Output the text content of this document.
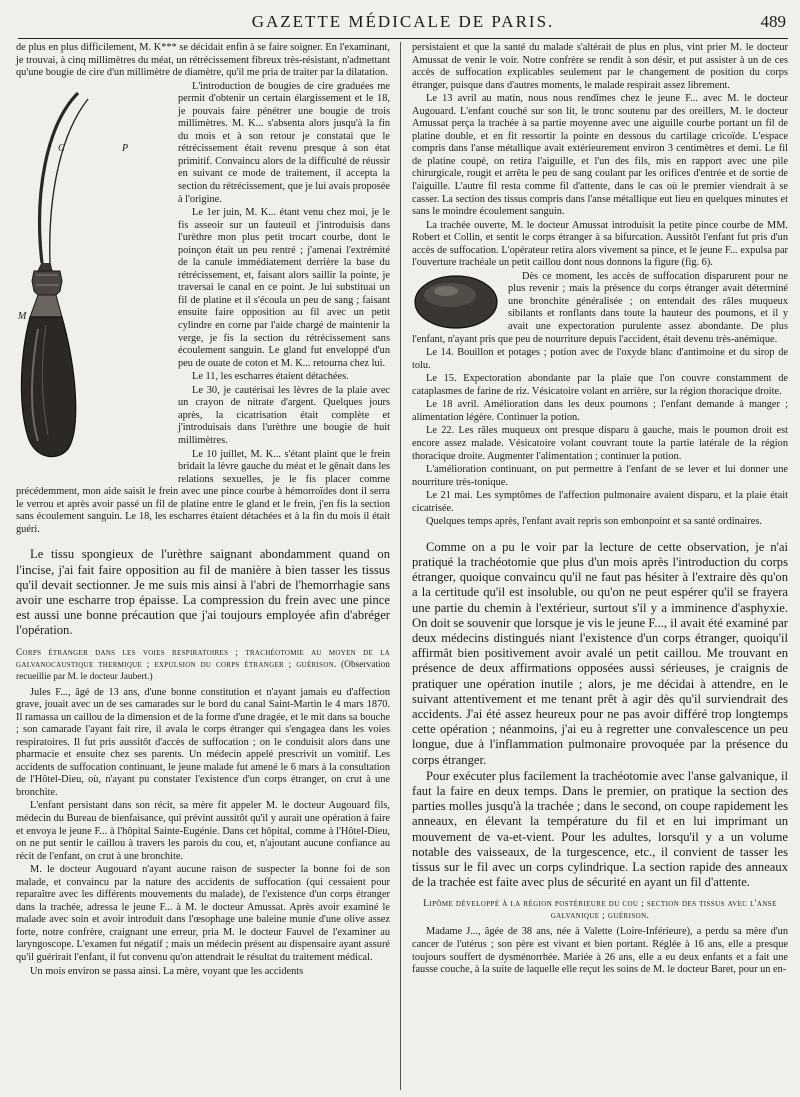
GAZETTE MÉDICALE DE PARIS.	489

de plus en plus difficilement, M. K*** se décidait enfin à se faire soigner. En l'examinant, je trouvai, à cinq millimètres du méat, un rétrécissement fibreux très-résistant, n'admettant qu'une bougie de cire d'un millimètre de diamètre, qu'il me pria de traiter par la dilatation.

C	P
M

L'introduction de bougies de cire graduées me permit d'obtenir un certain élargissement et le 18, je pouvais faire pénétrer une bougie de trois millimètres. M. K... s'absenta alors jusqu'à la fin du mois et à son retour je constatai que le rétrécissement était revenu presque à son état primitif. Convaincu alors de la difficulté de réussir en suivant ce mode de traitement, il accepta la section du rétrécissement, que je lui avais proposée à l'origine.

Le 1er juin, M. K... étant venu chez moi, je le fis asseoir sur un fauteuil et j'introduisis dans l'urèthre mon plus petit trocart courbe, dont le poinçon était un peu rentré ; j'amenai l'extrémité de la canule immédiatement derrière la base du rétrécissement, et, faisant alors saillir la pointe, je traversai le canal en ce point. Je lui substituai un fil de platine et il s'écoula un peu de sang ; faisant ensuite faire opposition au fil avec un petit cylindre en corne par l'aide chargé de maintenir la verge, je fis la section du rétrécissement sans écoulement sanguin. Le gland fut enveloppé d'un peu de ouate de coton et M. K... retourna chez lui.

Le 11, les escharres étaient détachées.

Le 30, je cautérisai les lèvres de la plaie avec un crayon de nitrate d'argent. Quelques jours après, la cicatrisation était complète et j'introduisais dans l'urèthre une bougie de huit millimètres.

Le 10 juillet, M. K... s'étant plaint que le frein bridait la lèvre gauche du méat et le gênait dans les relations sexuelles, je le fis placer comme précédemment, mon aide saisit le frein avec une pince courbe à hémorroïdes dont il serra le verrou et après avoir passé un fil de platine entre le gland et le frein, j'en fis la section sans écoulement sanguin. Le 18, les escharres étaient détachées et à la fin du mois il était guéri.

Le tissu spongieux de l'urèthre saignant abondamment quand on l'incise, j'ai fait faire opposition au fil de manière à bien tasser les tissus qu'il devait sectionner. Je me suis mis ainsi à l'abri de l'hemorrhagie sans avoir une escharre trop épaisse. La compression du frein avec une pince est aussi une bonne précaution que j'ai toujours employée afin d'abréger l'opération.

Corps étranger dans les voies respiratoires ; trachéotomie au moyen de la galvanocaustique thermique ; expulsion du corps étranger ; guérison. (Observation recueillie par M. le docteur Jaubert.)

Jules F..., âgé de 13 ans, d'une bonne constitution et n'ayant jamais eu d'affection grave, jouait avec un de ses camarades sur le bord du canal Saint-Martin le 4 mars 1870. Il ramassa un caillou de la dimension et de la forme d'une dragée, et le mit dans sa bouche ; son camarade l'ayant fait rire, il avala le corps étranger qui s'engagea dans les voies respiratoires. Il fut pris aussitôt d'accès de suffocation ; on le conduisit alors dans une pharmacie et ensuite chez ses parents. Un médecin appelé prescrivit un vomitif. Les accidents de suffocation continuant, le jeune malade fut amené le 6 mars à la consultation de l'Hôtel-Dieu, où, n'ayant pu constater l'existence d'un corps étranger, on crut à une bronchite.

L'enfant persistant dans son récit, sa mère fit appeler M. le docteur Augouard fils, médecin du Bureau de bienfaisance, qui prévint aussitôt qu'il y aurait une opération à faire et envoya le jeune F... à l'hôpital Sainte-Eugénie. Dans cet hôpital, comme à l'Hôtel-Dieu, on ne put sentir le caillou à travers les parois du cou, et, n'ajoutant aucune confiance au récit de l'enfant, on crut à une bronchite.

M. le docteur Augouard n'ayant aucune raison de suspecter la bonne foi de son malade, et convaincu par la nature des accidents de suffocation (qui cessaient pour reparaître avec les différents mouvements du malade), de l'existence d'un corps étranger dans la trachée, adressa le jeune F... à M. le docteur Amussat. Après avoir examiné le malade avec soin et avoir introduit dans l'œsophage une baleine munie d'une olive assez forte, notre confrère, craignant une erreur, pria M. le docteur Fauvel de l'examiner au laryngoscope. L'examen fut négatif ; mais un médecin présent au dispensaire ayant assuré qu'il guérirait l'enfant, il fut convenu qu'on attendrait le résultat du traitement médical.

Un mois environ se passa ainsi. La mère, voyant que les accidents

persistaient et que la santé du malade s'altérait de plus en plus, vint prier M. le docteur Amussat de venir le voir. Notre confrère se rendit à son désir, et put assister à un de ces accès de suffocation explicables seulement par le changement de position du corps étranger, puisque dans d'autres moments, le malade respirait assez librement.

Le 13 avril au matin, nous nous rendîmes chez le jeune F... avec M. le docteur Augouard. L'enfant couché sur son lit, le tronc soutenu par des oreillers, M. le docteur Amussat perça la trachée à sa partie moyenne avec une aiguille courbe portant un fil de platine double, et en fit ressortir la pointe en dessous du cartilage cricoïde. L'espace compris dans l'anse métallique avait extérieurement environ 3 centimètres et demi. Le fil de platine coupé, on retira l'aiguille, et l'un des fils, mis en rapport avec une pile chirurgicale, rougit et arrêta le peu de sang coulant par les orifices d'entrée et de sortie de l'aiguille. L'autre fil resta comme fil d'attente, dans le cas où le premier viendrait à se casser. La section des tissus compris dans l'anse métallique eut lieu en quelques minutes et sans le moindre écoulement sanguin.

La trachée ouverte, M. le docteur Amussat introduisit la petite pince courbe de MM. Robert et Collin, et sentit le corps étranger à sa bifurcation. Aussitôt l'enfant fut pris d'un accès de suffocation. L'opérateur retira alors vivement sa pince, et le jeune F... expulsa par l'ouverture trachéale un petit caillou dont nous donnons la figure (fig. 6).

Dès ce moment, les accès de suffocation disparurent pour ne plus revenir ; mais la présence du corps étranger avait déterminé une bronchite généralisée ; on entendait des râles muqueux sibilants et ronflants dans toute la hauteur des poumons, et il y avait une expectoration purulente assez abondante. De plus l'enfant, n'ayant pris que peu de nourriture depuis l'accident, était devenu très-anémique.

Le 14. Bouillon et potages ; potion avec de l'oxyde blanc d'antimoine et du sirop de tolu.

Le 15. Expectoration abondante par la plaie que l'on couvre constamment de cataplasmes de farine de riz. Vésicatoire volant en arrière, sur la région thoracique droite.

Le 18 avril. Amélioration dans les deux poumons ; l'enfant demande à manger ; alimentation légère. Continuer la potion.

Le 22. Les râles muqueux ont presque disparu à gauche, mais le poumon droit est encore assez malade. Vésicatoire volant couvrant toute la partie latérale de la région thoracique droite. Augmenter l'alimentation ; continuer la potion.

L'amélioration continuant, on put permettre à l'enfant de se lever et lui donner une nourriture très-tonique.

Le 21 mai. Les symptômes de l'affection pulmonaire avaient disparu, et la plaie était cicatrisée.

Quelques temps après, l'enfant avait repris son embonpoint et sa santé ordinaires.

Comme on a pu le voir par la lecture de cette observation, je n'ai pratiqué la trachéotomie que plus d'un mois après l'introduction du corps étranger, quoique convaincu qu'il ne faut pas hésiter à l'extraire dès qu'on a la certitude qu'il est insoluble, ou qu'on ne peut espérer qu'il se frayera une partie du chemin à l'extérieur, surtout s'il y a imminence d'asphyxie. On doit se souvenir que lorsque je vis le jeune F..., il avait été examiné par deux médecins distingués niant l'existence d'un corps étranger, quoiqu'il affirmât bien positivement avoir avalé un petit caillou. Me trouvant en présence de deux affirmations opposées aussi sérieuses, je craignis de pratiquer une opération inutile ; alors, je me décidai à attendre, en le suivant attentivement et me tenant prêt à agir dès qu'il surviendrait des accidents. J'ai été assez heureux pour ne pas avoir différé trop longtemps cette opération ; néanmoins, j'ai eu à regretter une convalescence un peu longue, due à l'inflammation pulmonaire provoquée par la présence du corps étranger.

Pour exécuter plus facilement la trachéotomie avec l'anse galvanique, il faut la faire en deux temps. Dans le premier, on pratique la section des parties molles jusqu'à la trachée ; dans le second, on coupe rapidement les anneaux, en élevant la température du fil et en lui imprimant un mouvement de va-et-vient. Pour les adultes, lorsqu'il y a un volume notable des vaisseaux, de la turgescence, etc., il convient de tasser les tissus sur le fil avec un corps cylindrique. La section rapide des anneaux de la trachée est faite avec plus de sécurité en ayant un fil d'attente.

Lipôme développé à la région postérieure du cou ; section des tissus avec l'anse galvanique ; guérison.

Madame J..., âgée de 38 ans, née à Valette (Loire-Inférieure), a perdu sa mère d'un cancer de l'utérus ; son père est vivant et bien portant. Réglée à 16 ans, elle a presque toujours souffert de dysménorrhée. Mariée à 26 ans, elle a eu deux enfants et a fait une fausse couche, à la suite de laquelle elle reçut les soins de M. le docteur Baret, pour un en-
